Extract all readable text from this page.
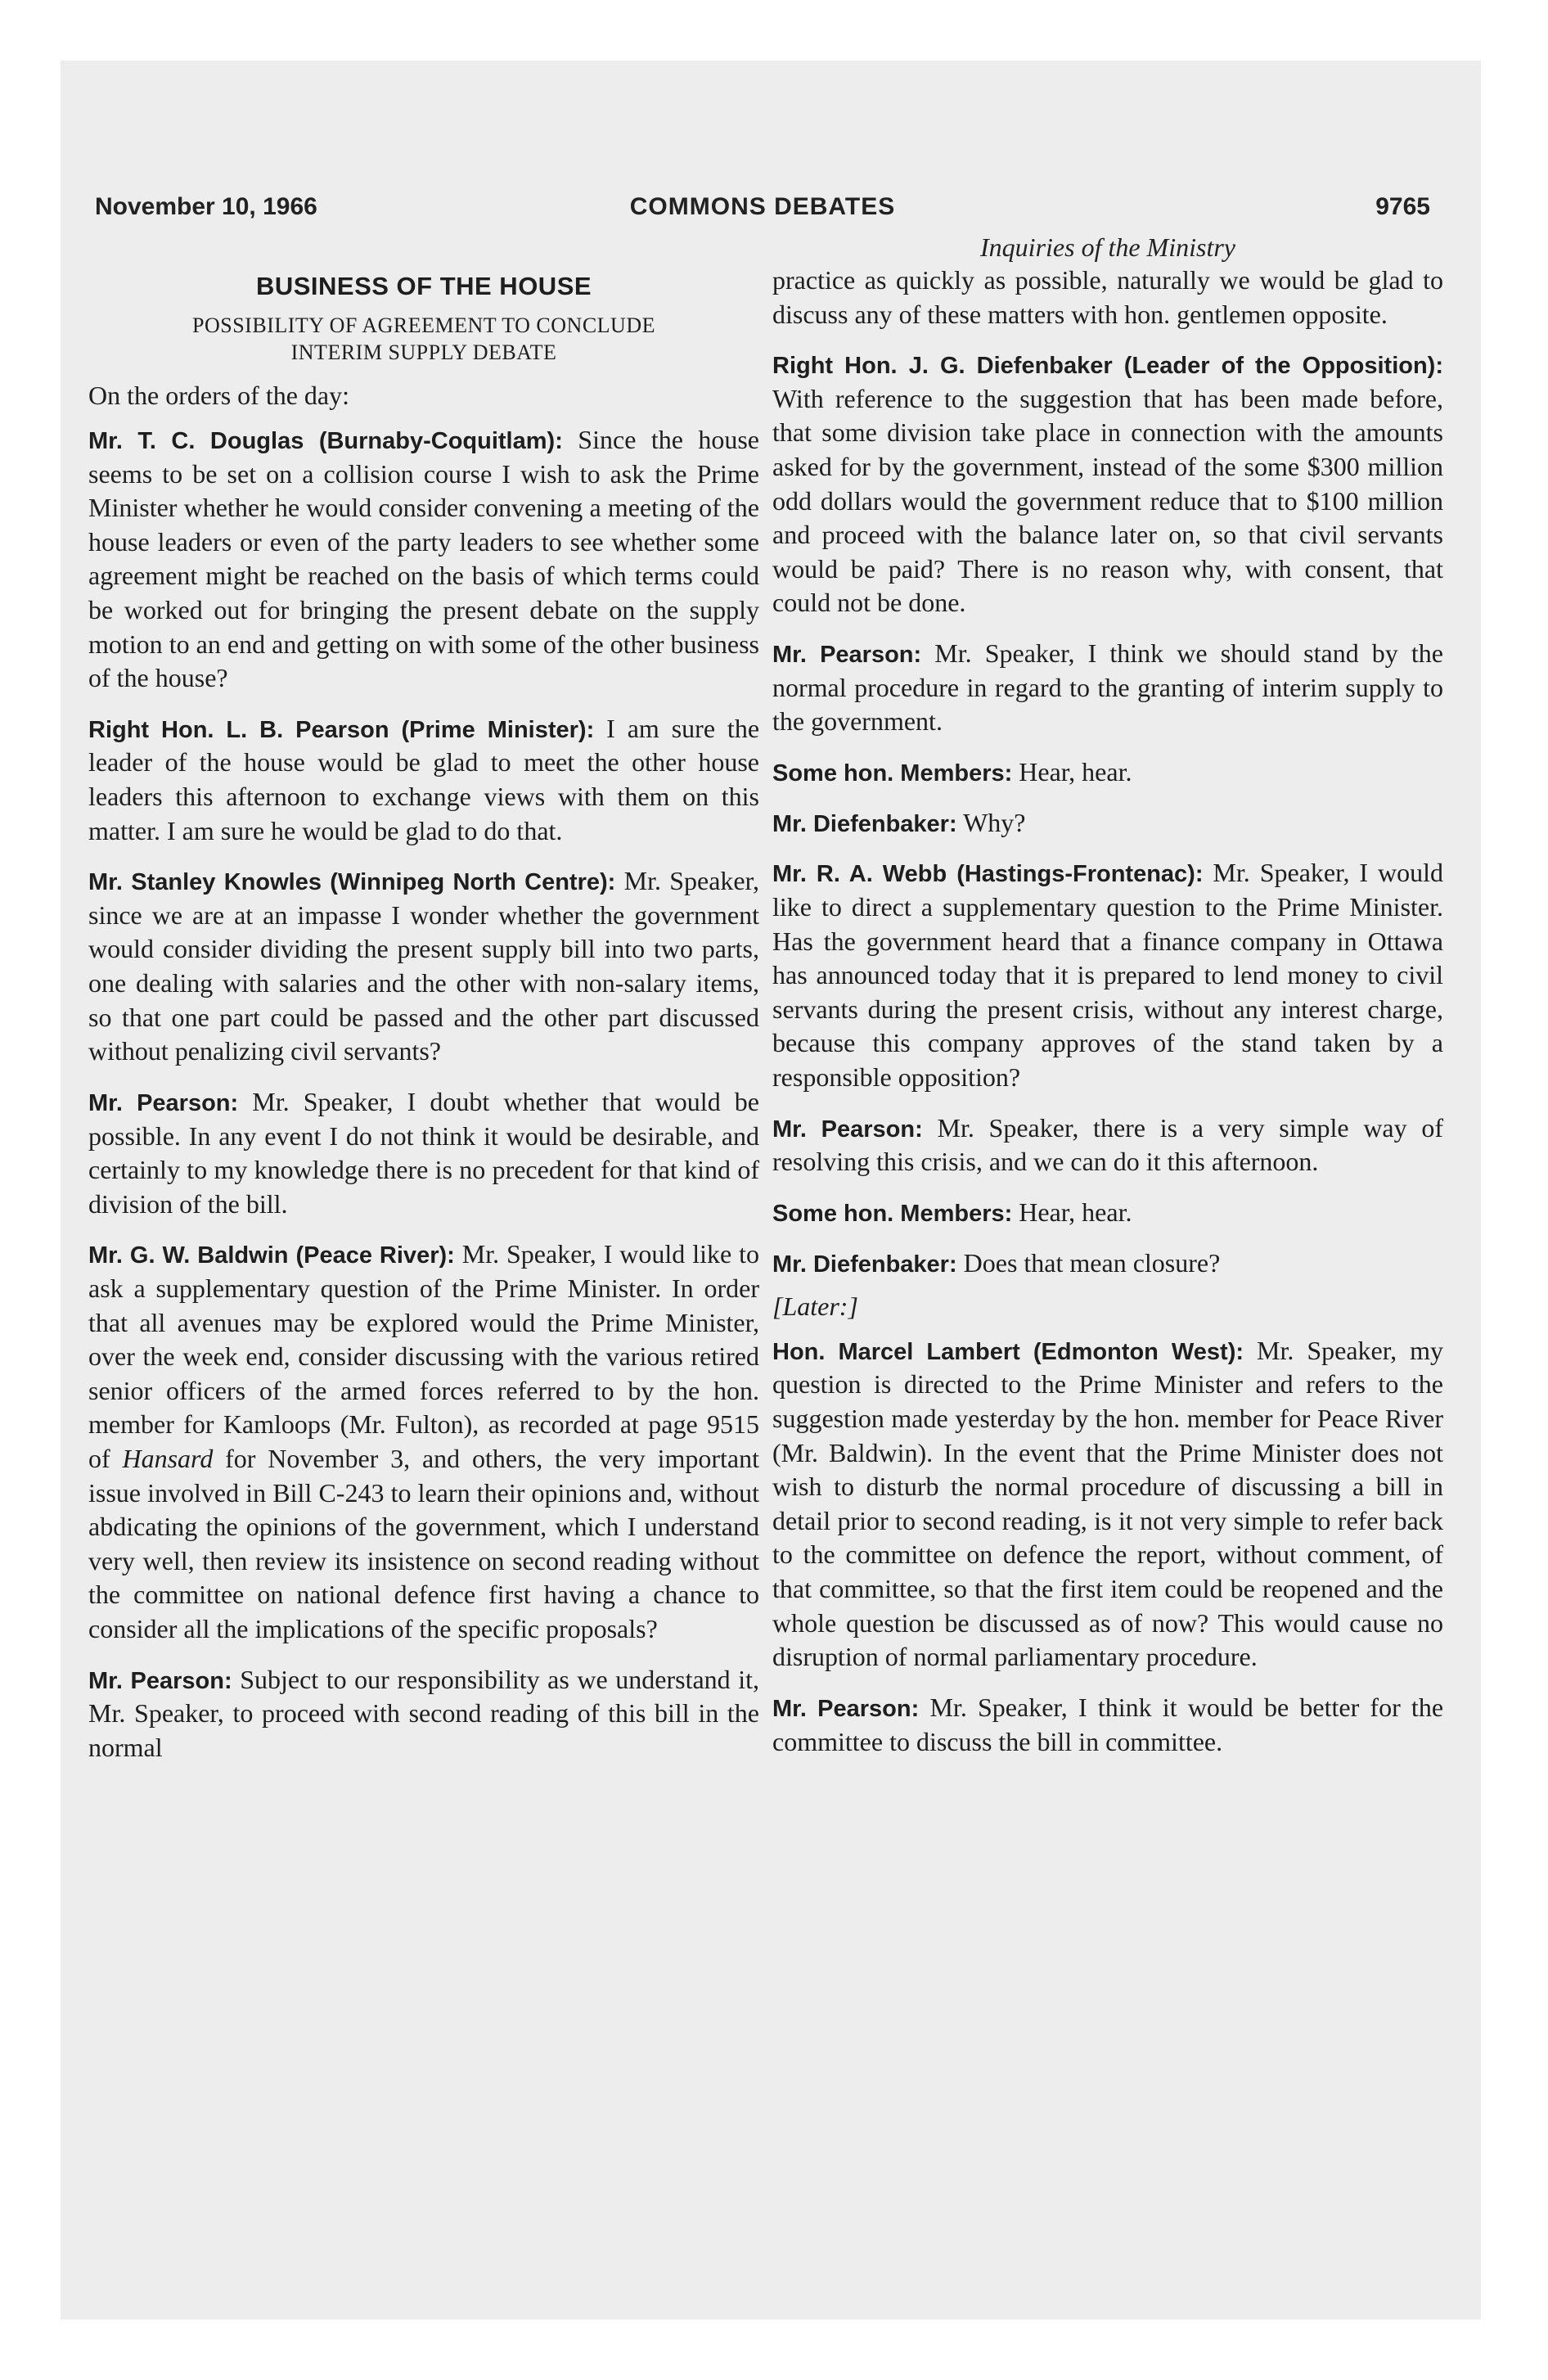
November 10, 1966	COMMONS DEBATES	9765
Inquiries of the Ministry
BUSINESS OF THE HOUSE
POSSIBILITY OF AGREEMENT TO CONCLUDE
INTERIM SUPPLY DEBATE

On the orders of the day:

Mr. T. C. Douglas (Burnaby-Coquitlam): Since the house seems to be set on a collision course I wish to ask the Prime Minister whether he would consider convening a meeting of the house leaders or even of the party leaders to see whether some agreement might be reached on the basis of which terms could be worked out for bringing the present debate on the supply motion to an end and getting on with some of the other business of the house?

Right Hon. L. B. Pearson (Prime Minister): I am sure the leader of the house would be glad to meet the other house leaders this afternoon to exchange views with them on this matter. I am sure he would be glad to do that.

Mr. Stanley Knowles (Winnipeg North Centre): Mr. Speaker, since we are at an impasse I wonder whether the government would consider dividing the present supply bill into two parts, one dealing with salaries and the other with non-salary items, so that one part could be passed and the other part discussed without penalizing civil servants?

Mr. Pearson: Mr. Speaker, I doubt whether that would be possible. In any event I do not think it would be desirable, and certainly to my knowledge there is no precedent for that kind of division of the bill.

Mr. G. W. Baldwin (Peace River): Mr. Speaker, I would like to ask a supplementary question of the Prime Minister. In order that all avenues may be explored would the Prime Minister, over the week end, consider discussing with the various retired senior officers of the armed forces referred to by the hon. member for Kamloops (Mr. Fulton), as recorded at page 9515 of Hansard for November 3, and others, the very important issue involved in Bill C-243 to learn their opinions and, without abdicating the opinions of the government, which I understand very well, then review its insistence on second reading without the committee on national defence first having a chance to consider all the implications of the specific proposals?

Mr. Pearson: Subject to our responsibility as we understand it, Mr. Speaker, to proceed with second reading of this bill in the normal

practice as quickly as possible, naturally we would be glad to discuss any of these matters with hon. gentlemen opposite.

Right Hon. J. G. Diefenbaker (Leader of the Opposition): With reference to the suggestion that has been made before, that some division take place in connection with the amounts asked for by the government, instead of the some $300 million odd dollars would the government reduce that to $100 million and proceed with the balance later on, so that civil servants would be paid? There is no reason why, with consent, that could not be done.

Mr. Pearson: Mr. Speaker, I think we should stand by the normal procedure in regard to the granting of interim supply to the government.

Some hon. Members: Hear, hear.

Mr. Diefenbaker: Why?

Mr. R. A. Webb (Hastings-Frontenac): Mr. Speaker, I would like to direct a supplementary question to the Prime Minister. Has the government heard that a finance company in Ottawa has announced today that it is prepared to lend money to civil servants during the present crisis, without any interest charge, because this company approves of the stand taken by a responsible opposition?

Mr. Pearson: Mr. Speaker, there is a very simple way of resolving this crisis, and we can do it this afternoon.

Some hon. Members: Hear, hear.

Mr. Diefenbaker: Does that mean closure?

[Later:]

Hon. Marcel Lambert (Edmonton West): Mr. Speaker, my question is directed to the Prime Minister and refers to the suggestion made yesterday by the hon. member for Peace River (Mr. Baldwin). In the event that the Prime Minister does not wish to disturb the normal procedure of discussing a bill in detail prior to second reading, is it not very simple to refer back to the committee on defence the report, without comment, of that committee, so that the first item could be reopened and the whole question be discussed as of now? This would cause no disruption of normal parliamentary procedure.

Mr. Pearson: Mr. Speaker, I think it would be better for the committee to discuss the bill in committee.
